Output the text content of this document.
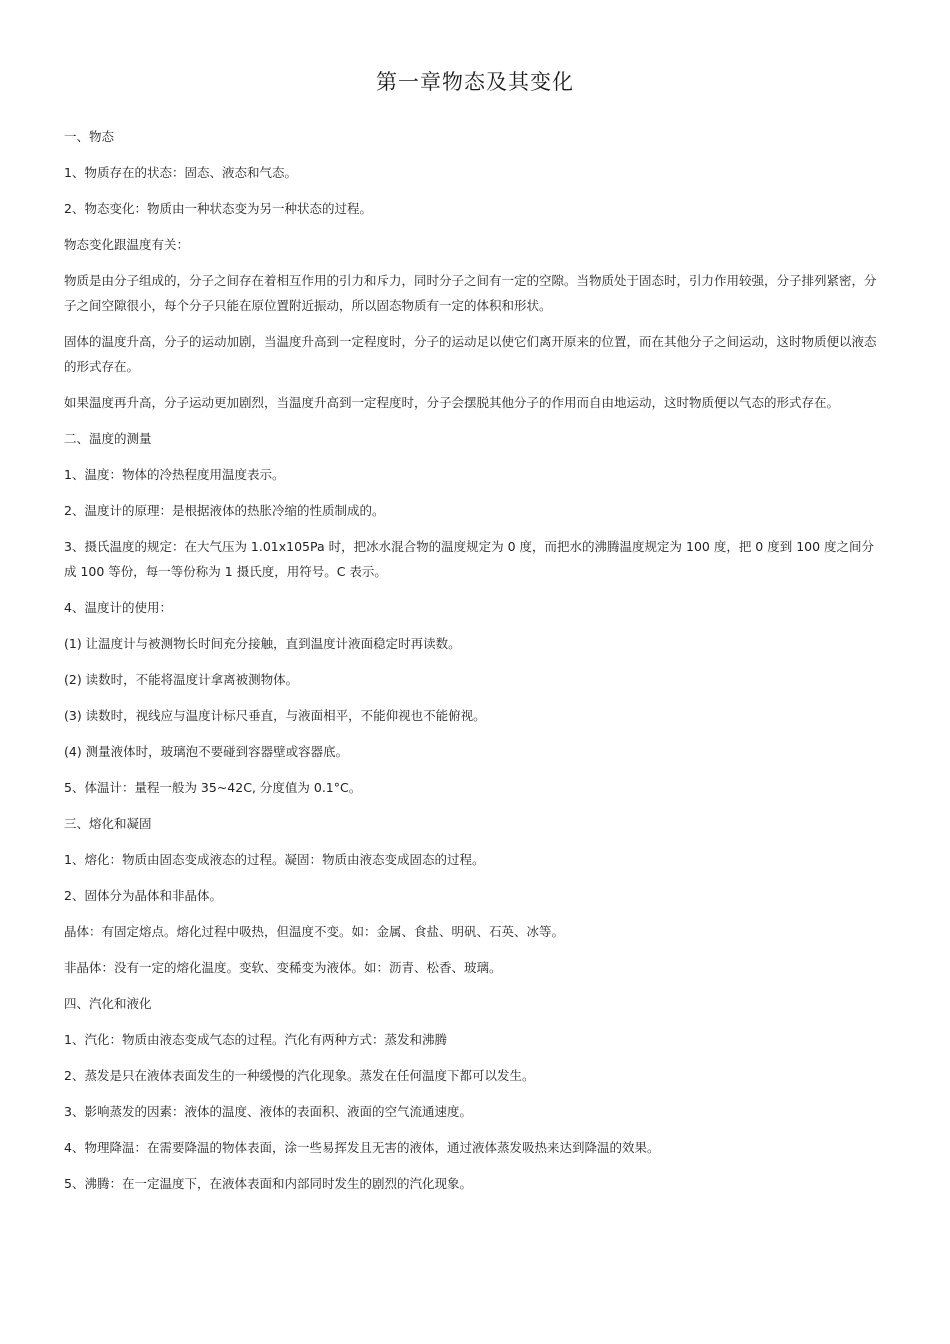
第一章物态及其变化

一、物态

1、物质存在的状态：固态、液态和气态。

2、物态变化：物质由一种状态变为另一种状态的过程。

物态变化跟温度有关：

物质是由分子组成的，分子之间存在着相互作用的引力和斥力，同时分子之间有一定的空隙。当物质处于固态时，引力作用较强，分子排列紧密，分子之间空隙很小，每个分子只能在原位置附近振动，所以固态物质有一定的体积和形状。

固体的温度升高，分子的运动加剧，当温度升高到一定程度时，分子的运动足以使它们离开原来的位置，而在其他分子之间运动，这时物质便以液态的形式存在。

如果温度再升高，分子运动更加剧烈，当温度升高到一定程度时，分子会摆脱其他分子的作用而自由地运动，这时物质便以气态的形式存在。

二、温度的测量

1、温度：物体的冷热程度用温度表示。

2、温度计的原理：是根据液体的热胀冷缩的性质制成的。

3、摄氏温度的规定：在大气压为 1.01x105Pa 时，把冰水混合物的温度规定为 0 度，而把水的沸腾温度规定为 100 度，把 0 度到 100 度之间分成 100 等份，每一等份称为 1 摄氏度，用符号。C 表示。

4、温度计的使用：

(1) 让温度计与被测物长时间充分接触，直到温度计液面稳定时再读数。

(2) 读数时，不能将温度计拿离被测物体。

(3) 读数时，视线应与温度计标尺垂直，与液面相平，不能仰视也不能俯视。

(4) 测量液体时，玻璃泡不要碰到容器壁或容器底。

5、体温计：量程一般为 35~42C, 分度值为 0.1°C。

三、熔化和凝固

1、熔化：物质由固态变成液态的过程。凝固：物质由液态变成固态的过程。

2、固体分为晶体和非晶体。

晶体：有固定熔点。熔化过程中吸热，但温度不变。如：金属、食盐、明矾、石英、冰等。

非晶体：没有一定的熔化温度。变软、变稀变为液体。如：沥青、松香、玻璃。

四、汽化和液化

1、汽化：物质由液态变成气态的过程。汽化有两种方式：蒸发和沸腾

2、蒸发是只在液体表面发生的一种缓慢的汽化现象。蒸发在任何温度下都可以发生。

3、影响蒸发的因素：液体的温度、液体的表面积、液面的空气流通速度。

4、物理降温：在需要降温的物体表面，涂一些易挥发且无害的液体，通过液体蒸发吸热来达到降温的效果。

5、沸腾：在一定温度下，在液体表面和内部同时发生的剧烈的汽化现象。
